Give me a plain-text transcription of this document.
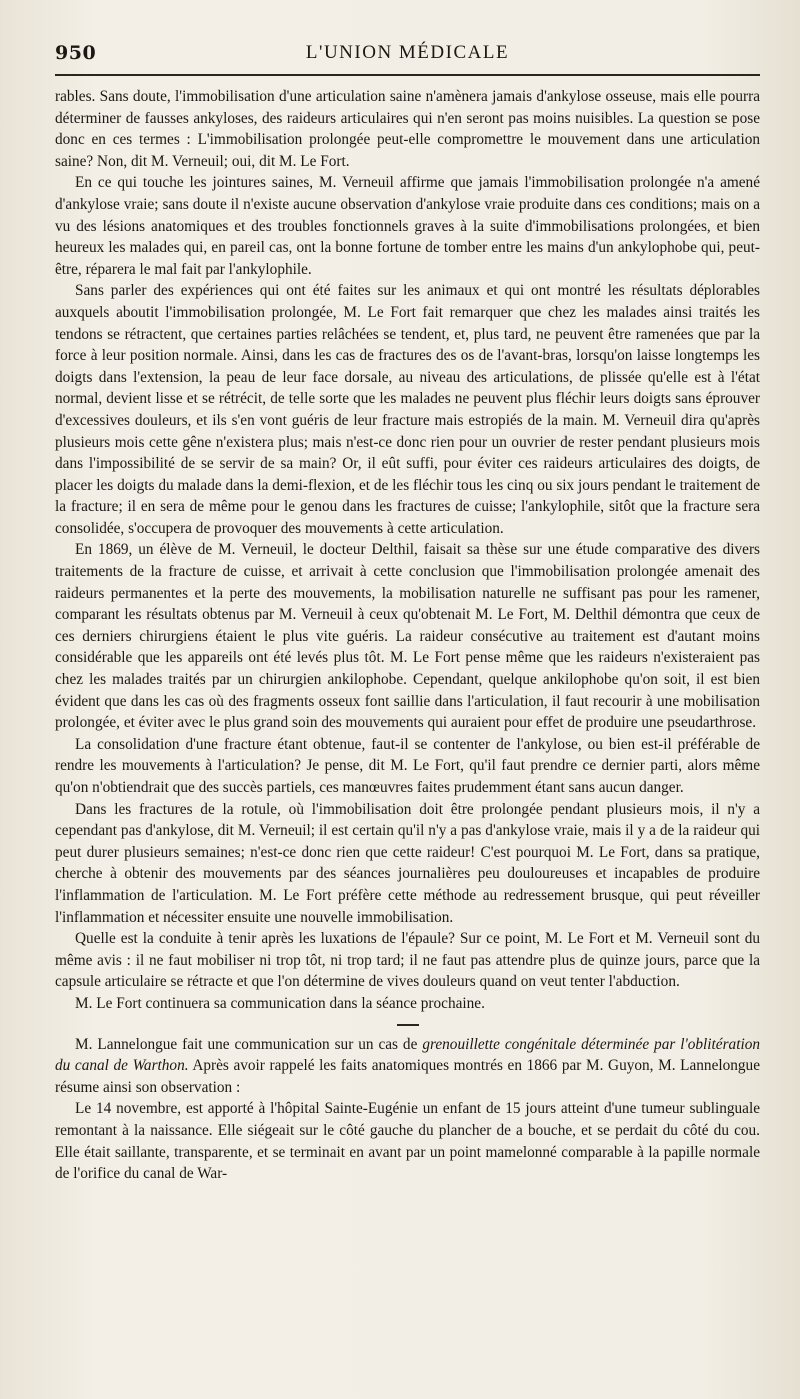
950	L'UNION MÉDICALE

rables. Sans doute, l'immobilisation d'une articulation saine n'amènera jamais d'ankylose osseuse, mais elle pourra déterminer de fausses ankyloses, des raideurs articulaires qui n'en seront pas moins nuisibles. La question se pose donc en ces termes : L'immobilisation prolongée peut-elle compromettre le mouvement dans une articulation saine? Non, dit M. Verneuil; oui, dit M. Le Fort.

En ce qui touche les jointures saines, M. Verneuil affirme que jamais l'immobilisation prolongée n'a amené d'ankylose vraie; sans doute il n'existe aucune observation d'ankylose vraie produite dans ces conditions; mais on a vu des lésions anatomiques et des troubles fonctionnels graves à la suite d'immobilisations prolongées, et bien heureux les malades qui, en pareil cas, ont la bonne fortune de tomber entre les mains d'un ankylophobe qui, peut-être, réparera le mal fait par l'ankylophile.

Sans parler des expériences qui ont été faites sur les animaux et qui ont montré les résultats déplorables auxquels aboutit l'immobilisation prolongée, M. Le Fort fait remarquer que chez les malades ainsi traités les tendons se rétractent, que certaines parties relâchées se tendent, et, plus tard, ne peuvent être ramenées que par la force à leur position normale. Ainsi, dans les cas de fractures des os de l'avant-bras, lorsqu'on laisse longtemps les doigts dans l'extension, la peau de leur face dorsale, au niveau des articulations, de plissée qu'elle est à l'état normal, devient lisse et se rétrécit, de telle sorte que les malades ne peuvent plus fléchir leurs doigts sans éprouver d'excessives douleurs, et ils s'en vont guéris de leur fracture mais estropiés de la main. M. Verneuil dira qu'après plusieurs mois cette gêne n'existera plus; mais n'est-ce donc rien pour un ouvrier de rester pendant plusieurs mois dans l'impossibilité de se servir de sa main? Or, il eût suffi, pour éviter ces raideurs articulaires des doigts, de placer les doigts du malade dans la demi-flexion, et de les fléchir tous les cinq ou six jours pendant le traitement de la fracture; il en sera de même pour le genou dans les fractures de cuisse; l'ankylophile, sitôt que la fracture sera consolidée, s'occupera de provoquer des mouvements à cette articulation.

En 1869, un élève de M. Verneuil, le docteur Delthil, faisait sa thèse sur une étude comparative des divers traitements de la fracture de cuisse, et arrivait à cette conclusion que l'immobilisation prolongée amenait des raideurs permanentes et la perte des mouvements, la mobilisation naturelle ne suffisant pas pour les ramener, comparant les résultats obtenus par M. Verneuil à ceux qu'obtenait M. Le Fort, M. Delthil démontra que ceux de ces derniers chirurgiens étaient le plus vite guéris. La raideur consécutive au traitement est d'autant moins considérable que les appareils ont été levés plus tôt. M. Le Fort pense même que les raideurs n'existeraient pas chez les malades traités par un chirurgien ankilophobe. Cependant, quelque ankilophobe qu'on soit, il est bien évident que dans les cas où des fragments osseux font saillie dans l'articulation, il faut recourir à une mobilisation prolongée, et éviter avec le plus grand soin des mouvements qui auraient pour effet de produire une pseudarthrose.

La consolidation d'une fracture étant obtenue, faut-il se contenter de l'ankylose, ou bien est-il préférable de rendre les mouvements à l'articulation? Je pense, dit M. Le Fort, qu'il faut prendre ce dernier parti, alors même qu'on n'obtiendrait que des succès partiels, ces manœuvres faites prudemment étant sans aucun danger.

Dans les fractures de la rotule, où l'immobilisation doit être prolongée pendant plusieurs mois, il n'y a cependant pas d'ankylose, dit M. Verneuil; il est certain qu'il n'y a pas d'ankylose vraie, mais il y a de la raideur qui peut durer plusieurs semaines; n'est-ce donc rien que cette raideur! C'est pourquoi M. Le Fort, dans sa pratique, cherche à obtenir des mouvements par des séances journalières peu douloureuses et incapables de produire l'inflammation de l'articulation. M. Le Fort préfère cette méthode au redressement brusque, qui peut réveiller l'inflammation et nécessiter ensuite une nouvelle immobilisation.

Quelle est la conduite à tenir après les luxations de l'épaule? Sur ce point, M. Le Fort et M. Verneuil sont du même avis : il ne faut mobiliser ni trop tôt, ni trop tard; il ne faut pas attendre plus de quinze jours, parce que la capsule articulaire se rétracte et que l'on détermine de vives douleurs quand on veut tenter l'abduction.

M. Le Fort continuera sa communication dans la séance prochaine.

M. Lannelongue fait une communication sur un cas de grenouillette congénitale déterminée par l'oblitération du canal de Warthon. Après avoir rappelé les faits anatomiques montrés en 1866 par M. Guyon, M. Lannelongue résume ainsi son observation :

Le 14 novembre, est apporté à l'hôpital Sainte-Eugénie un enfant de 15 jours atteint d'une tumeur sublinguale remontant à la naissance. Elle siégeait sur le côté gauche du plancher de a bouche, et se perdait du côté du cou. Elle était saillante, transparente, et se terminait en avant par un point mamelonné comparable à la papille normale de l'orifice du canal de War-
